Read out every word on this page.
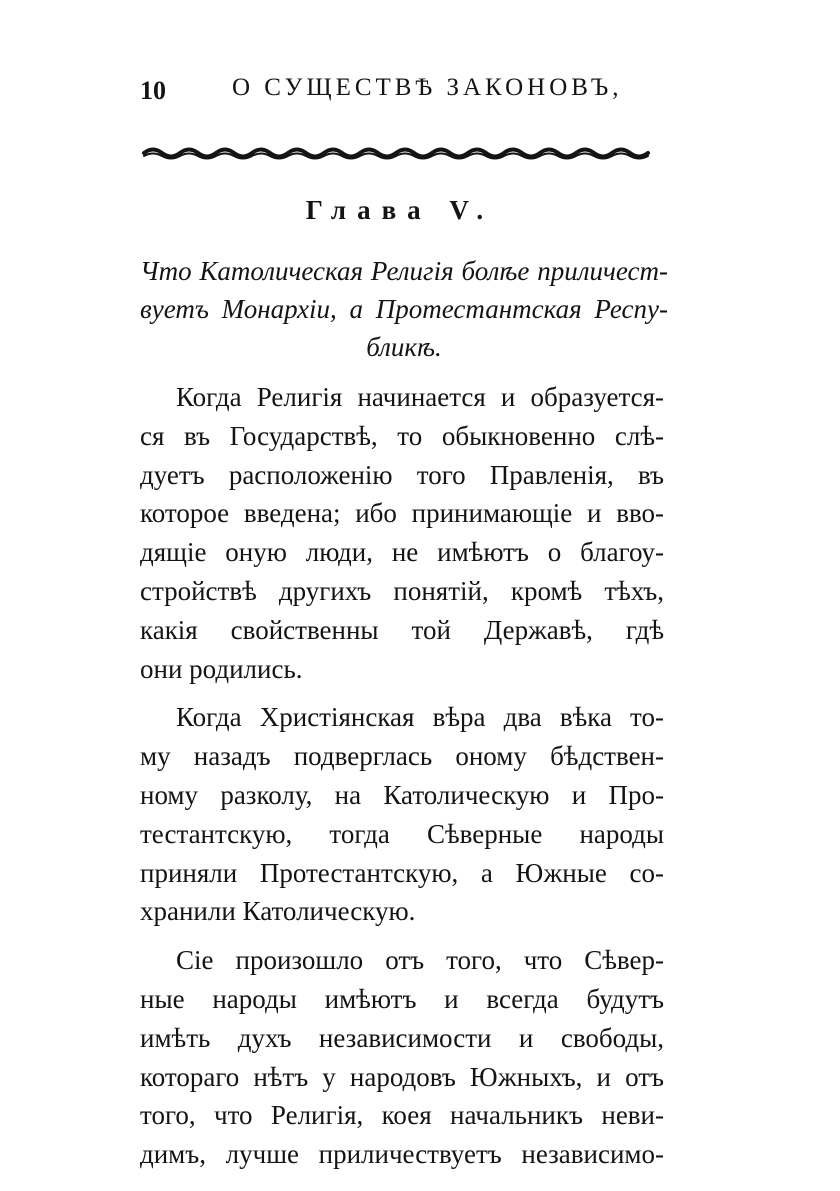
10	О СУЩЕСТВѢ ЗАКОНОВЪ,
Глава V.
Что Католическая Религія болѣе приличест-
вуетъ Монархіи, а Протестантская Респу-
бликѣ.
Когда Религія начинается и образуется-
ся въ Государствѣ, то обыкновенно слѣ-
дуетъ расположенію того Правленія, въ
которое введена; ибо принимающіе и вво-
дящіе оную люди, не имѣютъ о благоу-
стройствѣ другихъ понятій, кромѣ тѣхъ,
какія свойственны той Державѣ, гдѣ
они родились.
Когда Христіянская вѣра два вѣка то-
му назадъ подверглась оному бѣдствен-
ному разколу, на Католическую и Про-
тестантскую, тогда Сѣверные народы
приняли Протестантскую, а Южные со-
хранили Католическую.
Сіе произошло отъ того, что Сѣвер-
ные народы имѣютъ и всегда будутъ
имѣть духъ независимости и свободы,
котораго нѣтъ у народовъ Южныхъ, и отъ
того, что Религія, коея начальникъ неви-
димъ, лучше приличествуетъ независимо-
